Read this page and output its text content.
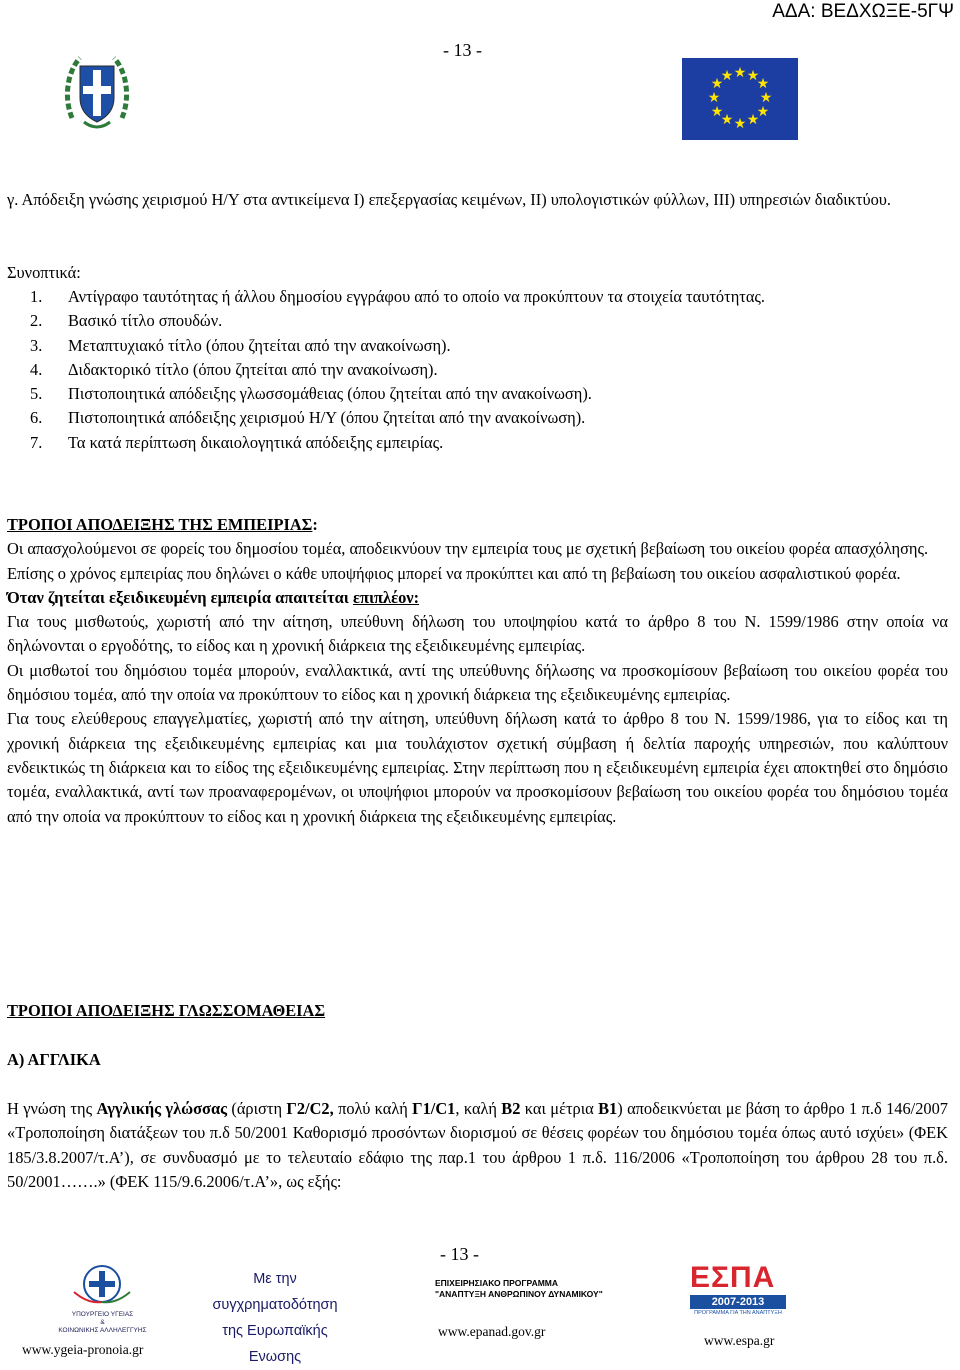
ΑΔΑ: ΒΕΔΧΩΞΕ-5ΓΨ
- 13 -
★ ★
★
★
★
★
★
★
★
★
★
★
γ. Απόδειξη γνώσης χειρισμού Η/Υ στα αντικείμενα Ι) επεξεργασίας κειμένων, ΙΙ) υπολογιστικών φύλλων, ΙΙΙ) υπηρεσιών διαδικτύου.
Συνοπτικά:
1.	Αντίγραφο ταυτότητας ή άλλου δημοσίου εγγράφου από το οποίο να προκύπτουν τα στοιχεία ταυτότητας.
2.	Βασικό τίτλο σπουδών.
3.	Μεταπτυχιακό τίτλο (όπου ζητείται από την ανακοίνωση).
4.	Διδακτορικό τίτλο (όπου ζητείται από την ανακοίνωση).
5.	Πιστοποιητικά απόδειξης γλωσσομάθειας (όπου ζητείται από την ανακοίνωση).
6.	Πιστοποιητικά απόδειξης χειρισμού Η/Υ (όπου ζητείται από την ανακοίνωση).
7.	Τα κατά περίπτωση δικαιολογητικά απόδειξης εμπειρίας.
ΤΡΟΠΟΙ ΑΠΟΔΕΙΞΗΣ ΤΗΣ ΕΜΠΕΙΡΙΑΣ:
Οι απασχολούμενοι σε φορείς του δημοσίου τομέα, αποδεικνύουν την εμπειρία τους με σχετική βεβαίωση του οικείου φορέα απασχόλησης.
Επίσης ο χρόνος εμπειρίας που δηλώνει ο κάθε υποψήφιος μπορεί να προκύπτει και από τη βεβαίωση του οικείου ασφαλιστικού φορέα.
Όταν ζητείται εξειδικευμένη εμπειρία απαιτείται επιπλέον:
Για τους μισθωτούς, χωριστή από την αίτηση, υπεύθυνη δήλωση του υποψηφίου κατά το άρθρο 8 του Ν. 1599/1986 στην οποία να δηλώνονται ο εργοδότης, το είδος και η χρονική διάρκεια της εξειδικευμένης εμπειρίας.
Οι μισθωτοί του δημόσιου τομέα μπορούν, εναλλακτικά, αντί της υπεύθυνης δήλωσης να προσκομίσουν βεβαίωση του οικείου φορέα του δημόσιου τομέα, από την οποία να προκύπτουν το είδος και η χρονική διάρκεια της εξειδικευμένης εμπειρίας.
Για τους ελεύθερους επαγγελματίες, χωριστή από την αίτηση, υπεύθυνη δήλωση κατά το άρθρο 8 του Ν. 1599/1986, για το είδος και τη χρονική διάρκεια της εξειδικευμένης εμπειρίας και μια τουλάχιστον σχετική σύμβαση ή δελτία παροχής υπηρεσιών, που καλύπτουν ενδεικτικώς τη διάρκεια και το είδος της εξειδικευμένης εμπειρίας. Στην περίπτωση που η εξειδικευμένη εμπειρία έχει αποκτηθεί στο δημόσιο τομέα, εναλλακτικά, αντί των προαναφερομένων, οι υποψήφιοι μπορούν να προσκομίσουν βεβαίωση του οικείου φορέα του δημόσιου τομέα από την οποία να προκύπτουν το είδος και η χρονική διάρκεια της εξειδικευμένης εμπειρίας.
ΤΡΟΠΟΙ ΑΠΟΔΕΙΞΗΣ ΓΛΩΣΣΟΜΑΘΕΙΑΣ
Α) ΑΓΓΛΙΚΑ
Η γνώση της Αγγλικής γλώσσας (άριστη Γ2/C2, πολύ καλή Γ1/C1, καλή Β2 και μέτρια Β1) αποδεικνύεται με βάση το άρθρο 1 π.δ 146/2007 «Τροποποίηση διατάξεων του π.δ 50/2001 Καθορισμό προσόντων διορισμού σε θέσεις φορέων του δημόσιου τομέα όπως αυτό ισχύει» (ΦΕΚ 185/3.8.2007/τ.Α’), σε συνδυασμό με το τελευταίο εδάφιο της παρ.1 του άρθρου 1 π.δ. 116/2006 «Τροποποίηση του άρθρου 28 του π.δ. 50/2001…….» (ΦΕΚ 115/9.6.2006/τ.Α’», ως εξής:
- 13 -
ΥΠΟΥΡΓΕΙΟ ΥΓΕΙΑΣ
&
ΚΟΙΝΩΝΙΚΗΣ ΑΛΛΗΛΕΓΓΥΗΣ
www.ygeia-pronoia.gr
Με την
συγχρηματοδότηση
της Ευρωπαϊκής
Ενωσης
ΕΠΙΧΕΙΡΗΣΙΑΚΟ ΠΡΟΓΡΑΜΜΑ
"ΑΝΑΠΤΥΞΗ ΑΝΘΡΩΠΙΝΟΥ ΔΥΝΑΜΙΚΟΥ"
www.epanad.gov.gr
ΕΣΠΑ
2007-2013
ΠΡΟΓΡΑΜΜΑ ΓΙΑ ΤΗΝ ΑΝΑΠΤΥΞΗ
www.espa.gr
